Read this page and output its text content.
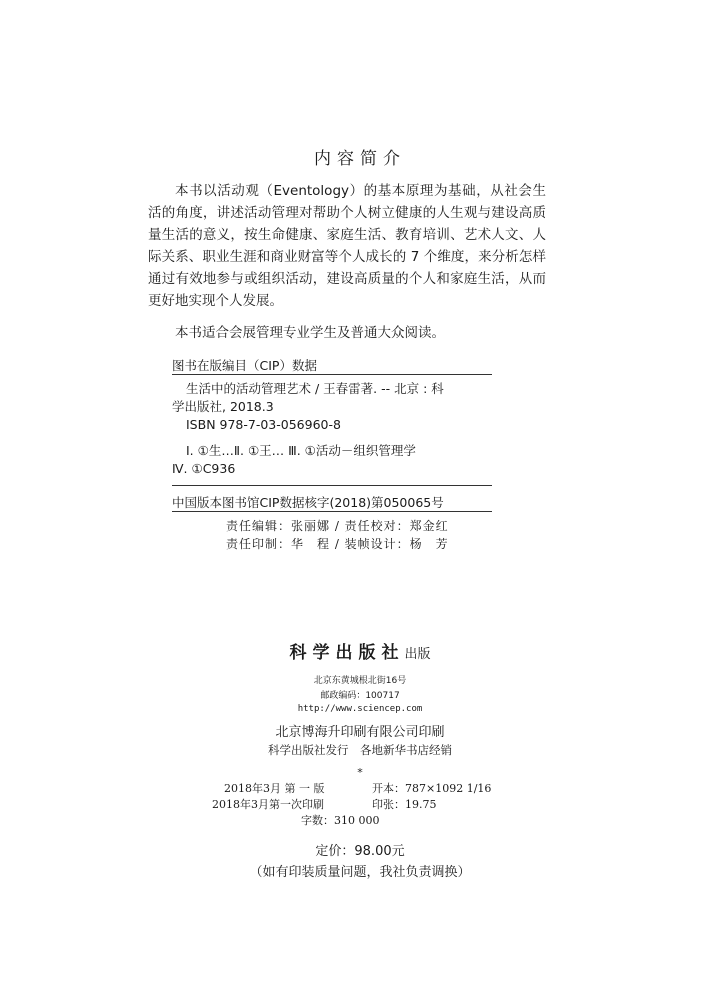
内容简介

本书以活动观（Eventology）的基本原理为基础，从社会生活的角度，讲述活动管理对帮助个人树立健康的人生观与建设高质量生活的意义，按生命健康、家庭生活、教育培训、艺术人文、人际关系、职业生涯和商业财富等个人成长的 7 个维度，来分析怎样通过有效地参与或组织活动，建设高质量的个人和家庭生活，从而更好地实现个人发展。

本书适合会展管理专业学生及普通大众阅读。

图书在版编目（CIP）数据
生活中的活动管理艺术 / 王春雷著. -- 北京 : 科
学出版社, 2018.3
ISBN 978-7-03-056960-8
Ⅰ. ①生…Ⅱ. ①王… Ⅲ. ①活动－组织管理学
Ⅳ. ①C936
中国版本图书馆CIP数据核字(2018)第050065号
责任编辑：张丽娜 / 责任校对：郑金红
责任印制：华　程 / 装帧设计：杨　芳
科学出版社出版
北京东黄城根北街16号
邮政编码：100717
http://www.sciencep.com
北京博海升印刷有限公司印刷
科学出版社发行　各地新华书店经销
*
2018年3月 第 一 版	开本：787×1092 1/16
2018年3月第一次印刷	印张：19.75
字数：310 000
定价：98.00元
（如有印装质量问题，我社负责调换）
